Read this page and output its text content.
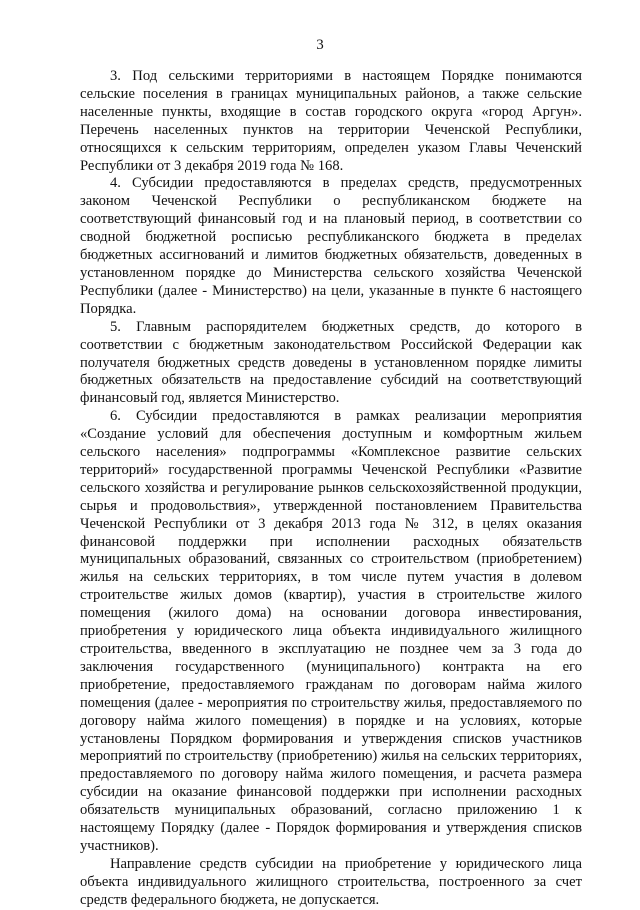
3

3. Под сельскими территориями в настоящем Порядке понимаются сельские поселения в границах муниципальных районов, а также сельские населенные пункты, входящие в состав городского округа «город Аргун». Перечень населенных пунктов на территории Чеченской Республики, относящихся к сельским территориям, определен указом Главы Чеченский Республики от 3 декабря 2019 года № 168.

4. Субсидии предоставляются в пределах средств, предусмотренных законом Чеченской Республики о республиканском бюджете на соответствующий финансовый год и на плановый период, в соответствии со сводной бюджетной росписью республиканского бюджета в пределах бюджетных ассигнований и лимитов бюджетных обязательств, доведенных в установленном порядке до Министерства сельского хозяйства Чеченской Республики (далее - Министерство) на цели, указанные в пункте 6 настоящего Порядка.

5. Главным распорядителем бюджетных средств, до которого в соответствии с бюджетным законодательством Российской Федерации как получателя бюджетных средств доведены в установленном порядке лимиты бюджетных обязательств на предоставление субсидий на соответствующий финансовый год, является Министерство.

6. Субсидии предоставляются в рамках реализации мероприятия «Создание условий для обеспечения доступным и комфортным жильем сельского населения» подпрограммы «Комплексное развитие сельских территорий» государственной программы Чеченской Республики «Развитие сельского хозяйства и регулирование рынков сельскохозяйственной продукции, сырья и продовольствия», утвержденной постановлением Правительства Чеченской Республики от 3 декабря 2013 года № 312, в целях оказания финансовой поддержки при исполнении расходных обязательств муниципальных образований, связанных со строительством (приобретением) жилья на сельских территориях, в том числе путем участия в долевом строительстве жилых домов (квартир), участия в строительстве жилого помещения (жилого дома) на основании договора инвестирования, приобретения у юридического лица объекта индивидуального жилищного строительства, введенного в эксплуатацию не позднее чем за 3 года до заключения государственного (муниципального) контракта на его приобретение, предоставляемого гражданам по договорам найма жилого помещения (далее - мероприятия по строительству жилья, предоставляемого по договору найма жилого помещения) в порядке и на условиях, которые установлены Порядком формирования и утверждения списков участников мероприятий по строительству (приобретению) жилья на сельских территориях, предоставляемого по договору найма жилого помещения, и расчета размера субсидии на оказание финансовой поддержки при исполнении расходных обязательств муниципальных образований, согласно приложению 1 к настоящему Порядку (далее - Порядок формирования и утверждения списков участников).

Направление средств субсидии на приобретение у юридического лица объекта индивидуального жилищного строительства, построенного за счет средств федерального бюджета, не допускается.
